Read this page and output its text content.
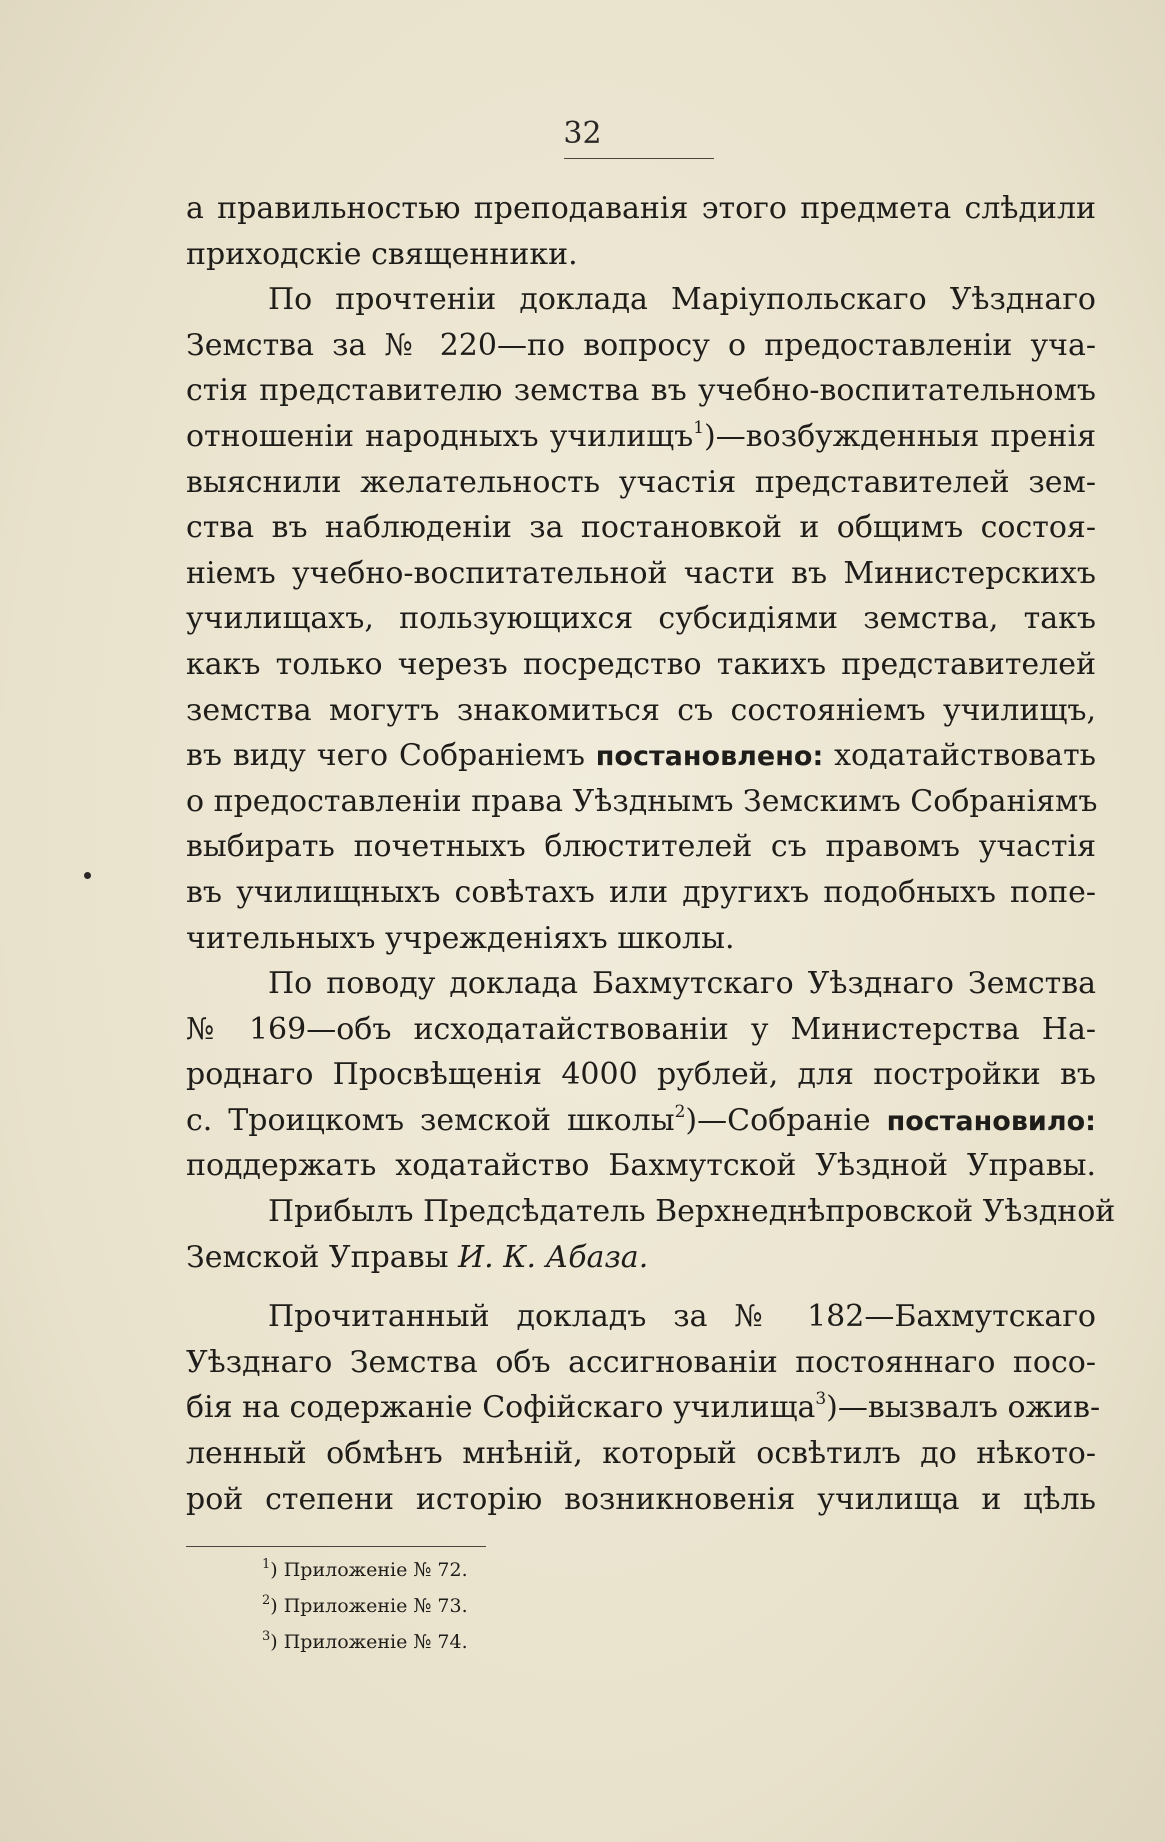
32
а правильностью преподаванія этого предмета слѣдили
приходскіе священники.
По прочтеніи доклада Маріупольскаго Уѣзднаго
Земства за № 220—по вопросу о предоставленіи уча-
стія представителю земства въ учебно-воспитательномъ
отношеніи народныхъ училищъ$^1$)—возбужденныя пренія
выяснили желательность участія представителей зем-
ства въ наблюденіи за постановкой и общимъ состоя-
ніемъ учебно-воспитательной части въ Министерскихъ
училищахъ, пользующихся субсидіями земства, такъ
какъ только черезъ посредство такихъ представителей
земства могутъ знакомиться съ состояніемъ училищъ,
въ виду чего Собраніемъ постановлено: ходатайствовать
о предоставленіи права Уѣзднымъ Земскимъ Собраніямъ
выбирать почетныхъ блюстителей съ правомъ участія
въ училищныхъ совѣтахъ или другихъ подобныхъ попе-
чительныхъ учрежденіяхъ школы.
По поводу доклада Бахмутскаго Уѣзднаго Земства
№ 169—объ исходатайствованіи у Министерства На-
роднаго Просвѣщенія 4000 рублей, для постройки въ
с. Троицкомъ земской школы$^2$)—Собраніе постановило:
поддержать ходатайство Бахмутской Уѣздной Управы.
Прибылъ Предсѣдатель Верхнеднѣпровской Уѣздной
Земской Управы И. К. Абаза.
Прочитанный докладъ за № 182—Бахмутскаго
Уѣзднаго Земства объ ассигнованіи постояннаго посо-
бія на содержаніе Софійскаго училища$^3$)—вызвалъ ожив-
ленный обмѣнъ мнѣній, который освѣтилъ до нѣкото-
рой степени исторію возникновенія училища и цѣль
$^1$) Приложеніе № 72.
$^2$) Приложеніе № 73.
$^3$) Приложеніе № 74.
